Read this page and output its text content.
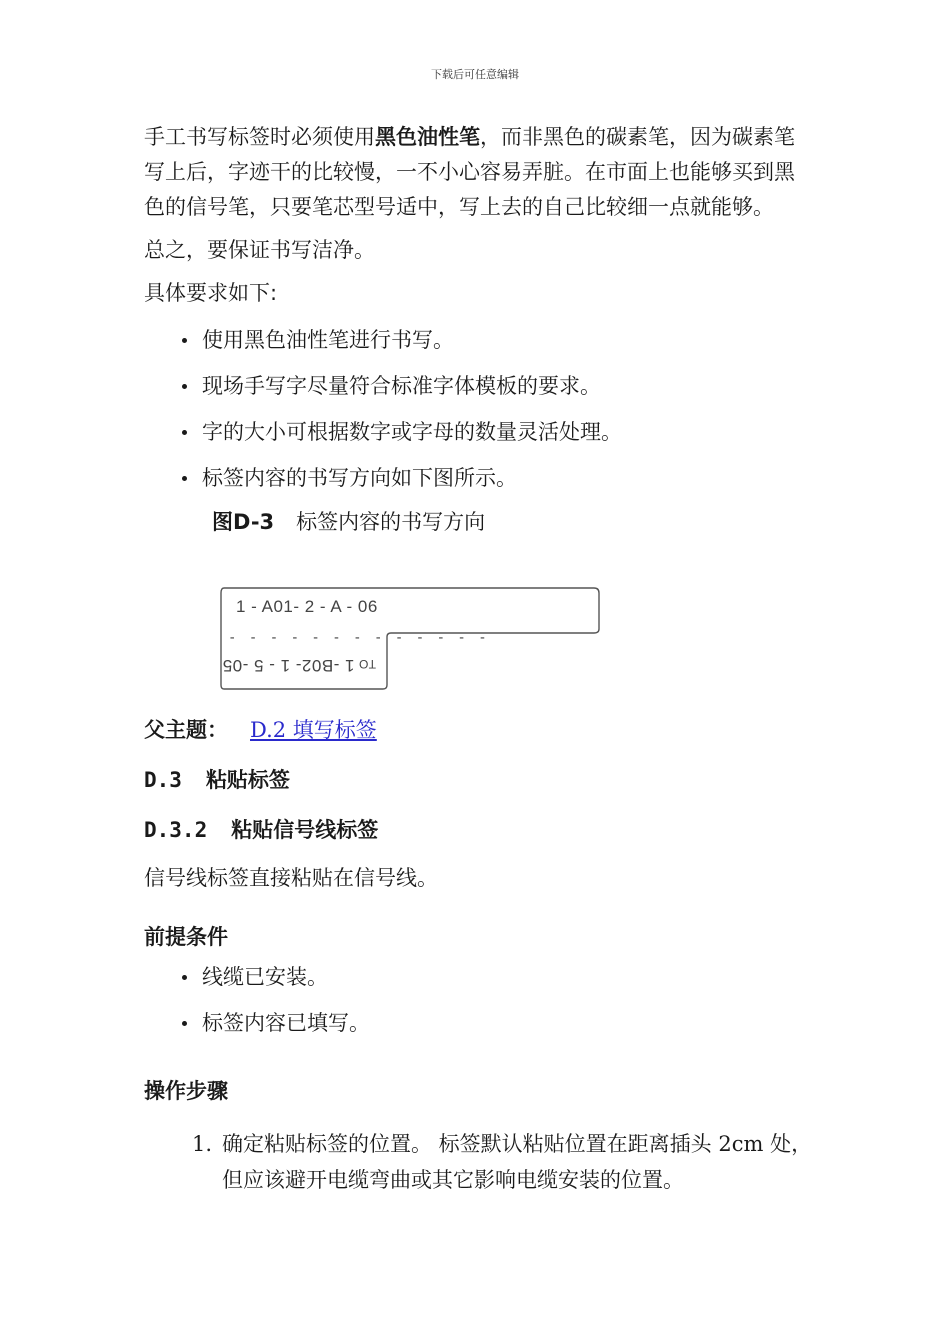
下载后可任意编辑

手工书写标签时必须使用黑色油性笔，而非黑色的碳素笔，因为碳素笔写上后，字迹干的比较慢，一不小心容易弄脏。在市面上也能够买到黑色的信号笔，只要笔芯型号适中，写上去的自己比较细一点就能够。

总之，要保证书写洁净。

具体要求如下:

使用黑色油性笔进行书写。
现场手写字尽量符合标准字体模板的要求。
字的大小可根据数字或字母的数量灵活处理。
标签内容的书写方向如下图所示。
图D-3 标签内容的书写方向
1 - A01- 2 - A - 06
- - - - - - - - - - - - -
TO1 -B02- 1 - 5 -05
父主题： D.2 填写标签
D.3 粘贴标签
D.3.2 粘贴信号线标签

信号线标签直接粘贴在信号线。

前提条件
线缆已安装。
标签内容已填写。
操作步骤
1. 确定粘贴标签的位置。 标签默认粘贴位置在距离插头 2cm 处，但应该避开电缆弯曲或其它影响电缆安装的位置。
